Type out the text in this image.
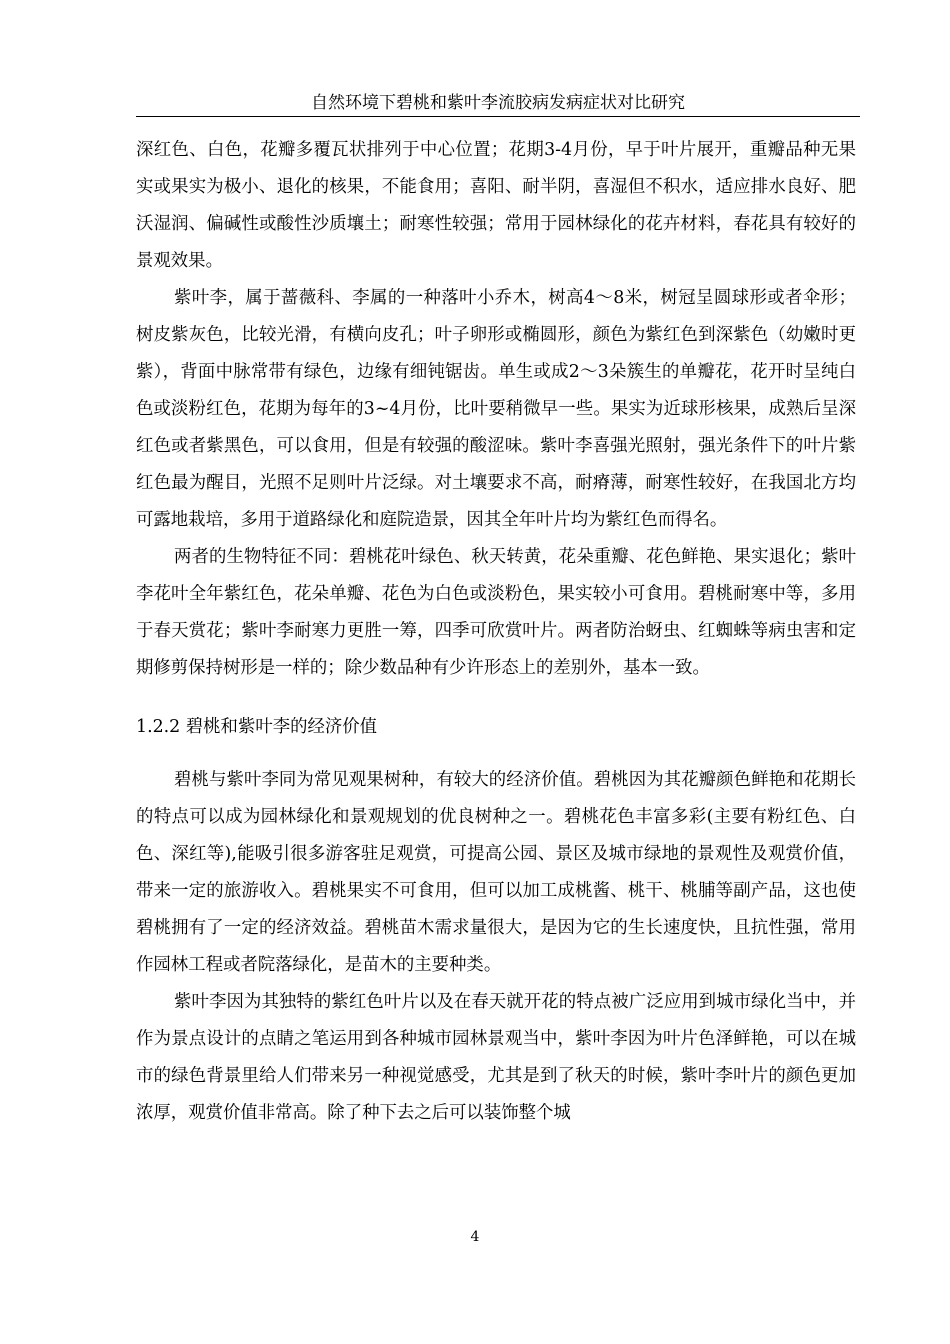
自然环境下碧桃和紫叶李流胶病发病症状对比研究

深红色、白色，花瓣多覆瓦状排列于中心位置；花期3-4月份，早于叶片展开，重瓣品种无果实或果实为极小、退化的核果，不能食用；喜阳、耐半阴，喜湿但不积水，适应排水良好、肥沃湿润、偏碱性或酸性沙质壤土；耐寒性较强；常用于园林绿化的花卉材料，春花具有较好的景观效果。

紫叶李，属于蔷薇科、李属的一种落叶小乔木，树高4～8米，树冠呈圆球形或者伞形；树皮紫灰色，比较光滑，有横向皮孔；叶子卵形或椭圆形，颜色为紫红色到深紫色（幼嫩时更紫），背面中脉常带有绿色，边缘有细钝锯齿。单生或成2～3朵簇生的单瓣花，花开时呈纯白色或淡粉红色，花期为每年的3~4月份，比叶要稍微早一些。果实为近球形核果，成熟后呈深红色或者紫黑色，可以食用，但是有较强的酸涩味。紫叶李喜强光照射，强光条件下的叶片紫红色最为醒目，光照不足则叶片泛绿。对土壤要求不高，耐瘠薄，耐寒性较好，在我国北方均可露地栽培，多用于道路绿化和庭院造景，因其全年叶片均为紫红色而得名。

两者的生物特征不同：碧桃花叶绿色、秋天转黄，花朵重瓣、花色鲜艳、果实退化；紫叶李花叶全年紫红色，花朵单瓣、花色为白色或淡粉色，果实较小可食用。碧桃耐寒中等，多用于春天赏花；紫叶李耐寒力更胜一筹，四季可欣赏叶片。两者防治蚜虫、红蜘蛛等病虫害和定期修剪保持树形是一样的；除少数品种有少许形态上的差别外，基本一致。

1.2.2 碧桃和紫叶李的经济价值

碧桃与紫叶李同为常见观果树种，有较大的经济价值。碧桃因为其花瓣颜色鲜艳和花期长的特点可以成为园林绿化和景观规划的优良树种之一。碧桃花色丰富多彩(主要有粉红色、白色、深红等),能吸引很多游客驻足观赏，可提高公园、景区及城市绿地的景观性及观赏价值，带来一定的旅游收入。碧桃果实不可食用，但可以加工成桃酱、桃干、桃脯等副产品，这也使碧桃拥有了一定的经济效益。碧桃苗木需求量很大，是因为它的生长速度快，且抗性强，常用作园林工程或者院落绿化，是苗木的主要种类。

紫叶李因为其独特的紫红色叶片以及在春天就开花的特点被广泛应用到城市绿化当中，并作为景点设计的点睛之笔运用到各种城市园林景观当中，紫叶李因为叶片色泽鲜艳，可以在城市的绿色背景里给人们带来另一种视觉感受，尤其是到了秋天的时候，紫叶李叶片的颜色更加浓厚，观赏价值非常高。除了种下去之后可以装饰整个城

4
